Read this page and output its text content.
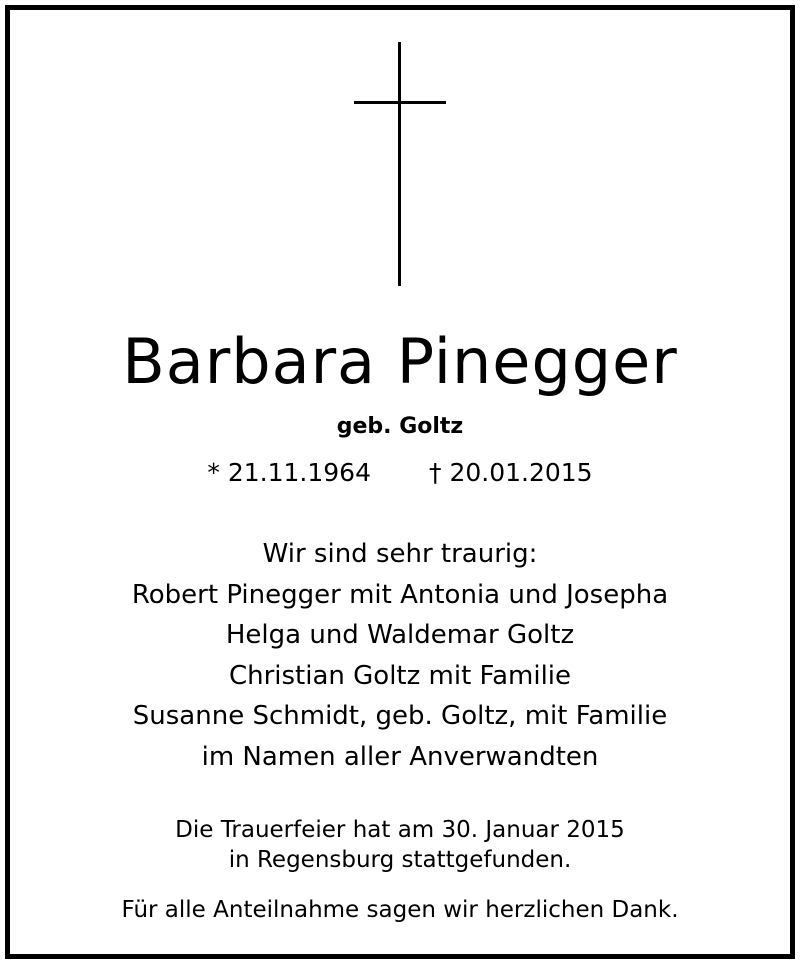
Barbara Pinegger
geb. Goltz
* 21.11.1964 † 20.01.2015
Wir sind sehr traurig:
Robert Pinegger mit Antonia und Josepha
Helga und Waldemar Goltz
Christian Goltz mit Familie
Susanne Schmidt, geb. Goltz, mit Familie
im Namen aller Anverwandten
Die Trauerfeier hat am 30. Januar 2015
in Regensburg stattgefunden.
Für alle Anteilnahme sagen wir herzlichen Dank.
